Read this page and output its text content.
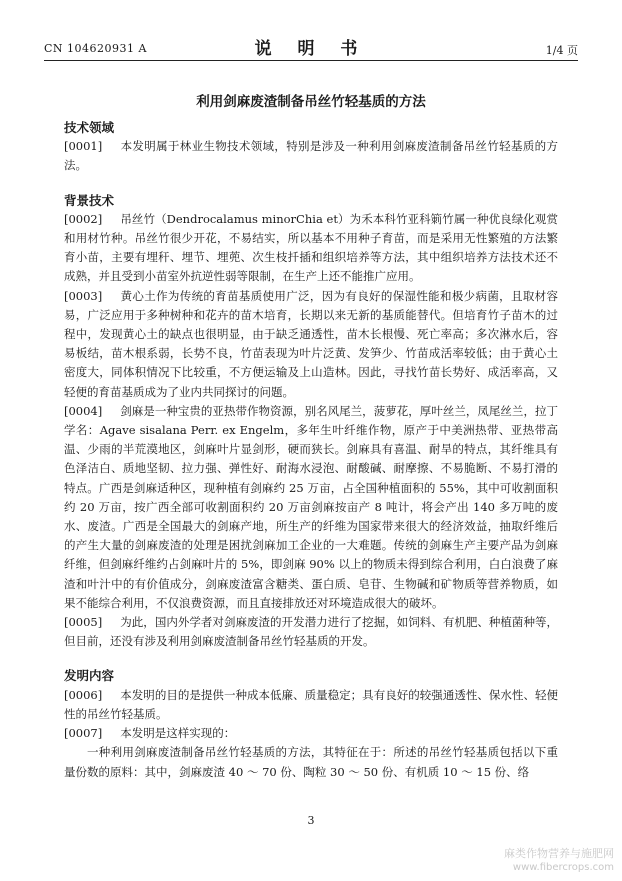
CN 104620931 A	说 明 书	1/4 页
利用剑麻废渣制备吊丝竹轻基质的方法
技术领域
[0001] 本发明属于林业生物技术领域，特别是涉及一种利用剑麻废渣制备吊丝竹轻基质的方法。
背景技术
[0002] 吊丝竹（Dendrocalamus minorChia et）为禾本科竹亚科箣竹属一种优良绿化观赏和用材竹种。吊丝竹很少开花，不易结实，所以基本不用种子育苗，而是采用无性繁殖的方法繁育小苗，主要有埋秆、埋节、埋蔸、次生枝扦插和组织培养等方法，其中组织培养方法技术还不成熟，并且受到小苗室外抗逆性弱等限制，在生产上还不能推广应用。
[0003] 黄心土作为传统的育苗基质使用广泛，因为有良好的保湿性能和极少病菌，且取材容易，广泛应用于多种树种和花卉的苗木培育，长期以来无新的基质能替代。但培育竹子苗木的过程中，发现黄心土的缺点也很明显，由于缺乏通透性，苗木长根慢、死亡率高；多次淋水后，容易板结，苗木根系弱，长势不良，竹苗表现为叶片泛黄、发笋少、竹苗成活率较低；由于黄心土密度大，同体积情况下比较重，不方便运输及上山造林。因此，寻找竹苗长势好、成活率高，又轻便的育苗基质成为了业内共同探讨的问题。
[0004] 剑麻是一种宝贵的亚热带作物资源，别名风尾兰，菠萝花，厚叶丝兰，凤尾丝兰，拉丁学名：Agave sisalana Perr. ex Engelm，多年生叶纤维作物，原产于中美洲热带、亚热带高温、少雨的半荒漠地区，剑麻叶片显剑形，硬而狭长。剑麻具有喜温、耐旱的特点，其纤维具有色泽洁白、质地坚韧、拉力强、弹性好、耐海水浸泡、耐酸碱、耐摩擦、不易脆断、不易打滑的特点。广西是剑麻适种区，现种植有剑麻约 25 万亩，占全国种植面积的 55%，其中可收割面积约 20 万亩，按广西全部可收割面积约 20 万亩剑麻按亩产 8 吨计，将会产出 140 多万吨的废水、废渣。广西是全国最大的剑麻产地，所生产的纤维为国家带来很大的经济效益，抽取纤维后的产生大量的剑麻废渣的处理是困扰剑麻加工企业的一大难题。传统的剑麻生产主要产品为剑麻纤维，但剑麻纤维约占剑麻叶片的 5%，即剑麻 90% 以上的物质未得到综合利用，白白浪费了麻渣和叶汁中的有价值成分，剑麻废渣富含糖类、蛋白质、皂苷、生物碱和矿物质等营养物质，如果不能综合利用，不仅浪费资源，而且直接排放还对环境造成很大的破坏。
[0005] 为此，国内外学者对剑麻废渣的开发潜力进行了挖掘，如饲料、有机肥、种植菌种等，但目前，还没有涉及利用剑麻废渣制备吊丝竹轻基质的开发。
发明内容
[0006] 本发明的目的是提供一种成本低廉、质量稳定；具有良好的较强通透性、保水性、轻便性的吊丝竹轻基质。
[0007] 本发明是这样实现的：
一种利用剑麻废渣制备吊丝竹轻基质的方法，其特征在于：所述的吊丝竹轻基质包括以下重量份数的原料：其中，剑麻废渣 40 ～ 70 份、陶粒 30 ～ 50 份、有机质 10 ～ 15 份、络
3
麻类作物营养与施肥网
www.fibercrops.com
